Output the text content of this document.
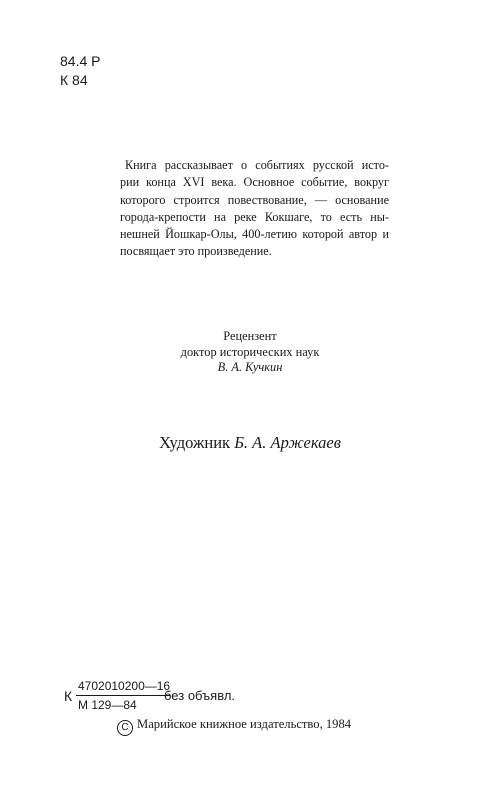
84.4 Р
К 84
Книга рассказывает о событиях русской исто-
рии конца XVI века. Основное событие, вокруг
которого строится повествование, — основание
города-крепости на реке Кокшаге, то есть ны-
нешней Йошкар-Олы, 400-летию которой автор и
посвящает это произведение.
Рецензент
доктор исторических наук
В. А. Кучкин
Художник Б. А. Аржекаев
К
4702010200—16
М 129—84
без объявл.
С Марийское книжное издательство, 1984
